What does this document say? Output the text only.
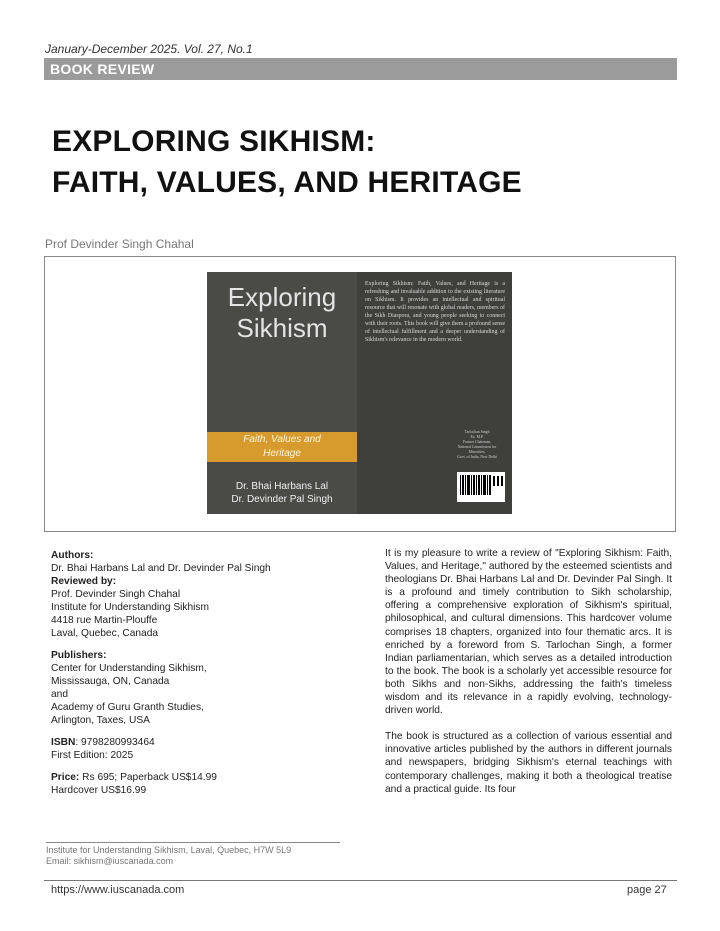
January-December 2025. Vol. 27, No.1
BOOK REVIEW
EXPLORING SIKHISM:
FAITH, VALUES, AND HERITAGE
Prof Devinder Singh Chahal
Exploring
Sikhism
Faith, Values and
Heritage
Dr. Bhai Harbans Lal
Dr. Devinder Pal Singh
Exploring Sikhism: Faith, Values, and Heritage is a refreshing and invaluable addition to the existing literature on Sikhism. It provides an intellectual and spiritual resource that will resonate with global readers, members of the Sikh Diaspora, and young people seeking to connect with their roots. This book will give them a profound sense of intellectual fulfillment and a deeper understanding of Sikhism's relevance in the modern world.
Tarlochan Singh
Ex. M.P.
Former Chairman,
National Commission for
Minorities,
Govt. of India, New Delhi
Authors:
Dr. Bhai Harbans Lal and Dr. Devinder Pal Singh
Reviewed by:
Prof. Devinder Singh Chahal
Institute for Understanding Sikhism
4418 rue Martin-Plouffe
Laval, Quebec, Canada
Publishers:
Center for Understanding Sikhism,
Mississauga, ON, Canada
and
Academy of Guru Granth Studies,
Arlington, Taxes, USA
ISBN: 9798280993464
First Edition: 2025
Price: Rs 695; Paperback US$14.99
Hardcover US$16.99
Institute for Understanding Sikhism, Laval, Quebec, H7W 5L9
Email: sikhism@iuscanada.com

It is my pleasure to write a review of "Exploring Sikhism: Faith, Values, and Heritage," authored by the esteemed scientists and theologians Dr. Bhai Harbans Lal and Dr. Devinder Pal Singh. It is a profound and timely contribution to Sikh scholarship, offering a comprehensive exploration of Sikhism's spiritual, philosophical, and cultural dimensions. This hardcover volume comprises 18 chapters, organized into four thematic arcs. It is enriched by a foreword from S. Tarlochan Singh, a former Indian parliamentarian, which serves as a detailed introduction to the book. The book is a scholarly yet accessible resource for both Sikhs and non-Sikhs, addressing the faith's timeless wisdom and its relevance in a rapidly evolving, technology-driven world.

The book is structured as a collection of various essential and innovative articles published by the authors in different journals and newspapers, bridging Sikhism's eternal teachings with contemporary challenges, making it both a theological treatise and a practical guide. Its four

https://www.iuscanada.com	page 27
